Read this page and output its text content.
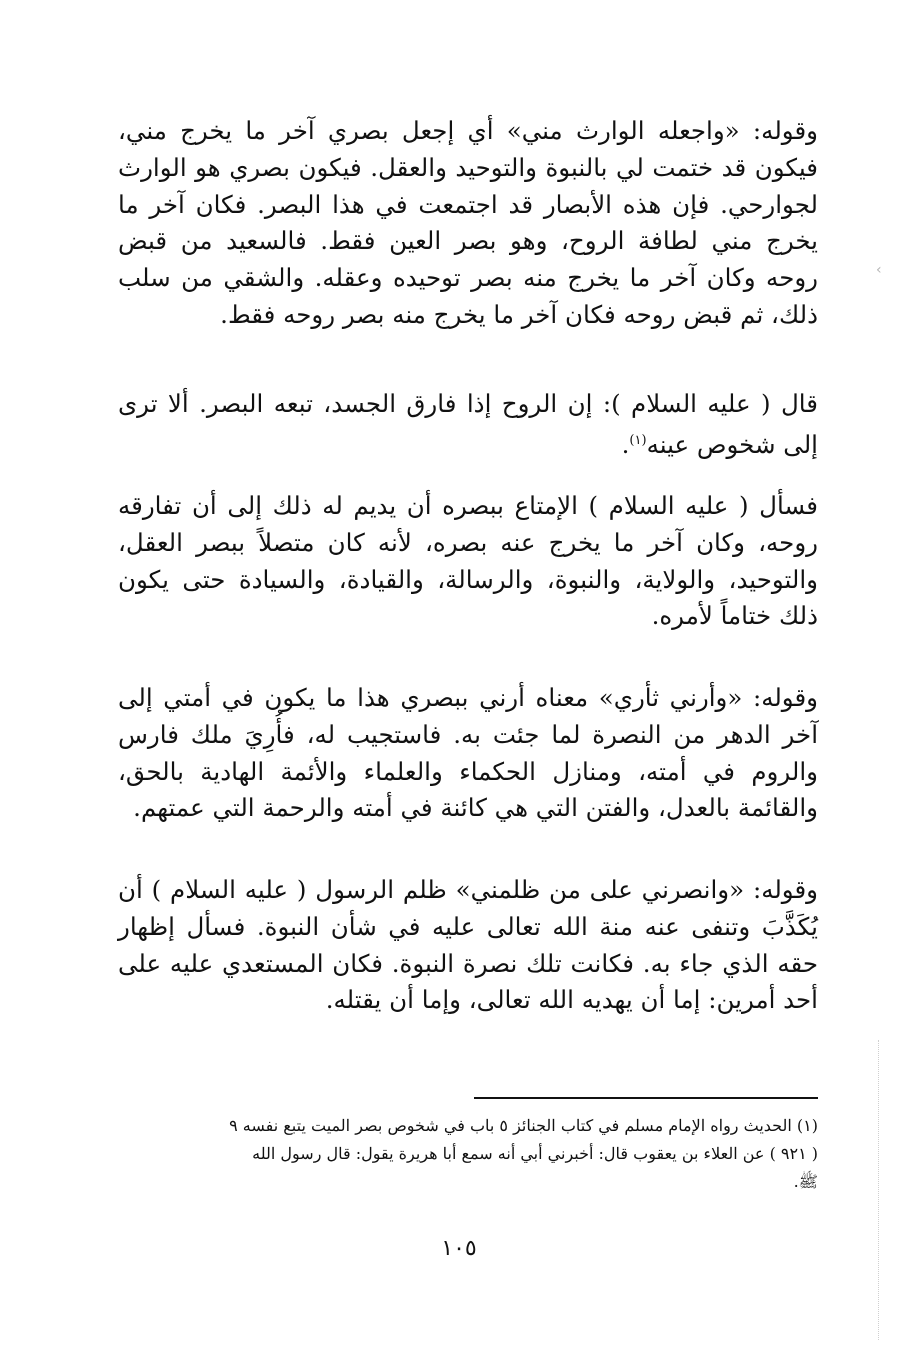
وقوله: «واجعله الوارث مني» أي إجعل بصري آخر ما يخرج مني، فيكون قد ختمت لي بالنبوة والتوحيد والعقل. فيكون بصري هو الوارث لجوارحي. فإن هذه الأبصار قد اجتمعت في هذا البصر. فكان آخر ما يخرج مني لطافة الروح، وهو بصر العين فقط. فالسعيد من قبض روحه وكان آخر ما يخرج منه بصر توحيده وعقله. والشقي من سلب ذلك، ثم قبض روحه فكان آخر ما يخرج منه بصر روحه فقط.

قال ( عليه السلام ): إن الروح إذا فارق الجسد، تبعه البصر. ألا ترى إلى شخوص عينه$^{(١)}$.

فسأل ( عليه السلام ) الإمتاع ببصره أن يديم له ذلك إلى أن تفارقه روحه، وكان آخر ما يخرج عنه بصره، لأنه كان متصلاً ببصر العقل، والتوحيد، والولاية، والنبوة، والرسالة، والقيادة، والسيادة حتى يكون ذلك ختاماً لأمره.

وقوله: «وأرني ثأري» معناه أرني ببصري هذا ما يكون في أمتي إلى آخر الدهر من النصرة لما جئت به. فاستجيب له، فأُرِيَ ملك فارس والروم في أمته، ومنازل الحكماء والعلماء والأئمة الهادية بالحق، والقائمة بالعدل، والفتن التي هي كائنة في أمته والرحمة التي عمتهم.

وقوله: «وانصرني على من ظلمني» ظلم الرسول ( عليه السلام ) أن يُكَذَّبَ وتنفى عنه منة الله تعالى عليه في شأن النبوة. فسأل إظهار حقه الذي جاء به. فكانت تلك نصرة النبوة. فكان المستعدي عليه على أحد أمرين: إما أن يهديه الله تعالى، وإما أن يقتله.

(١) الحديث رواه الإمام مسلم في كتاب الجنائز ٥ باب في شخوص بصر الميت يتبع نفسه ٩

( ٩٢١ ) عن العلاء بن يعقوب قال: أخبرني أبي أنه سمع أبا هريرة يقول: قال رسول الله

ﷺ.

١٠٥
‹
